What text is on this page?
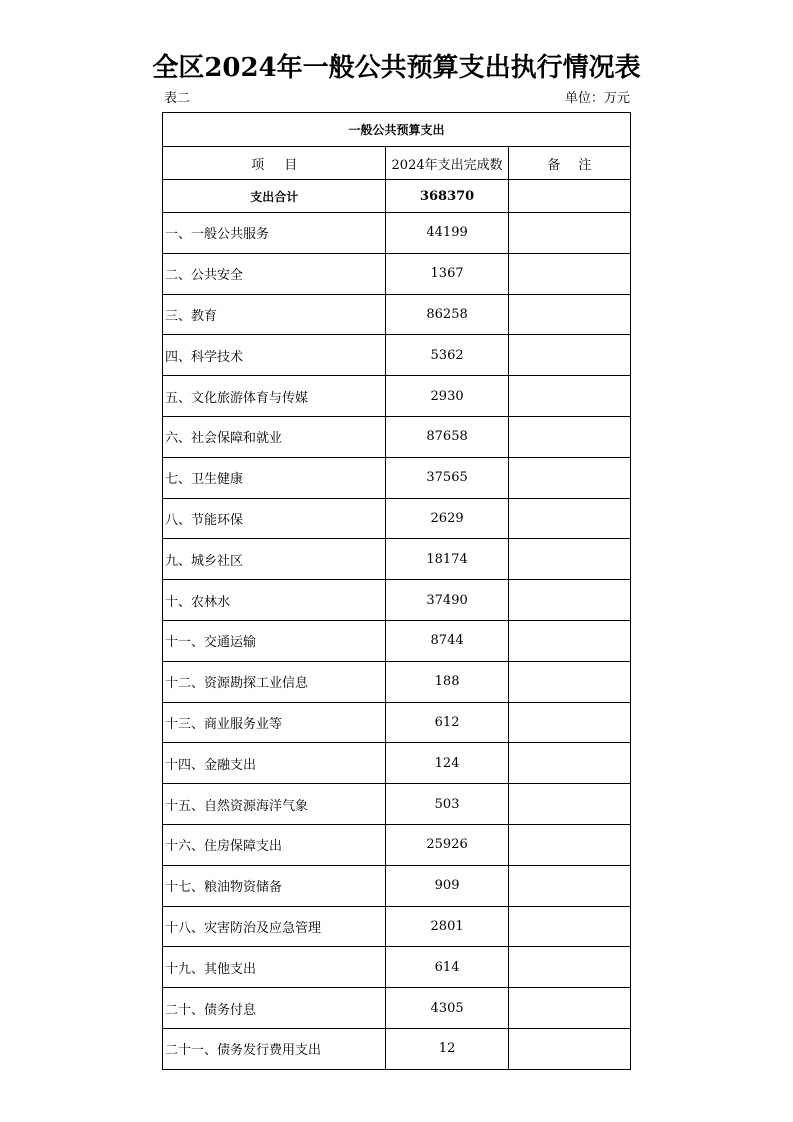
全区2024年一般公共预算支出执行情况表
表二	单位：万元
一般公共预算支出		
项目	2024年支出完成数	备注
支出合计	368370	
一、一般公共服务	44199	
二、公共安全	1367	
三、教育	86258	
四、科学技术	5362	
五、文化旅游体育与传媒	2930	
六、社会保障和就业	87658	
七、卫生健康	37565	
八、节能环保	2629	
九、城乡社区	18174	
十、农林水	37490	
十一、交通运输	8744	
十二、资源勘探工业信息	188	
十三、商业服务业等	612	
十四、金融支出	124	
十五、自然资源海洋气象	503	
十六、住房保障支出	25926	
十七、粮油物资储备	909	
十八、灾害防治及应急管理	2801	
十九、其他支出	614	
二十、债务付息	4305	
二十一、债务发行费用支出	12	
